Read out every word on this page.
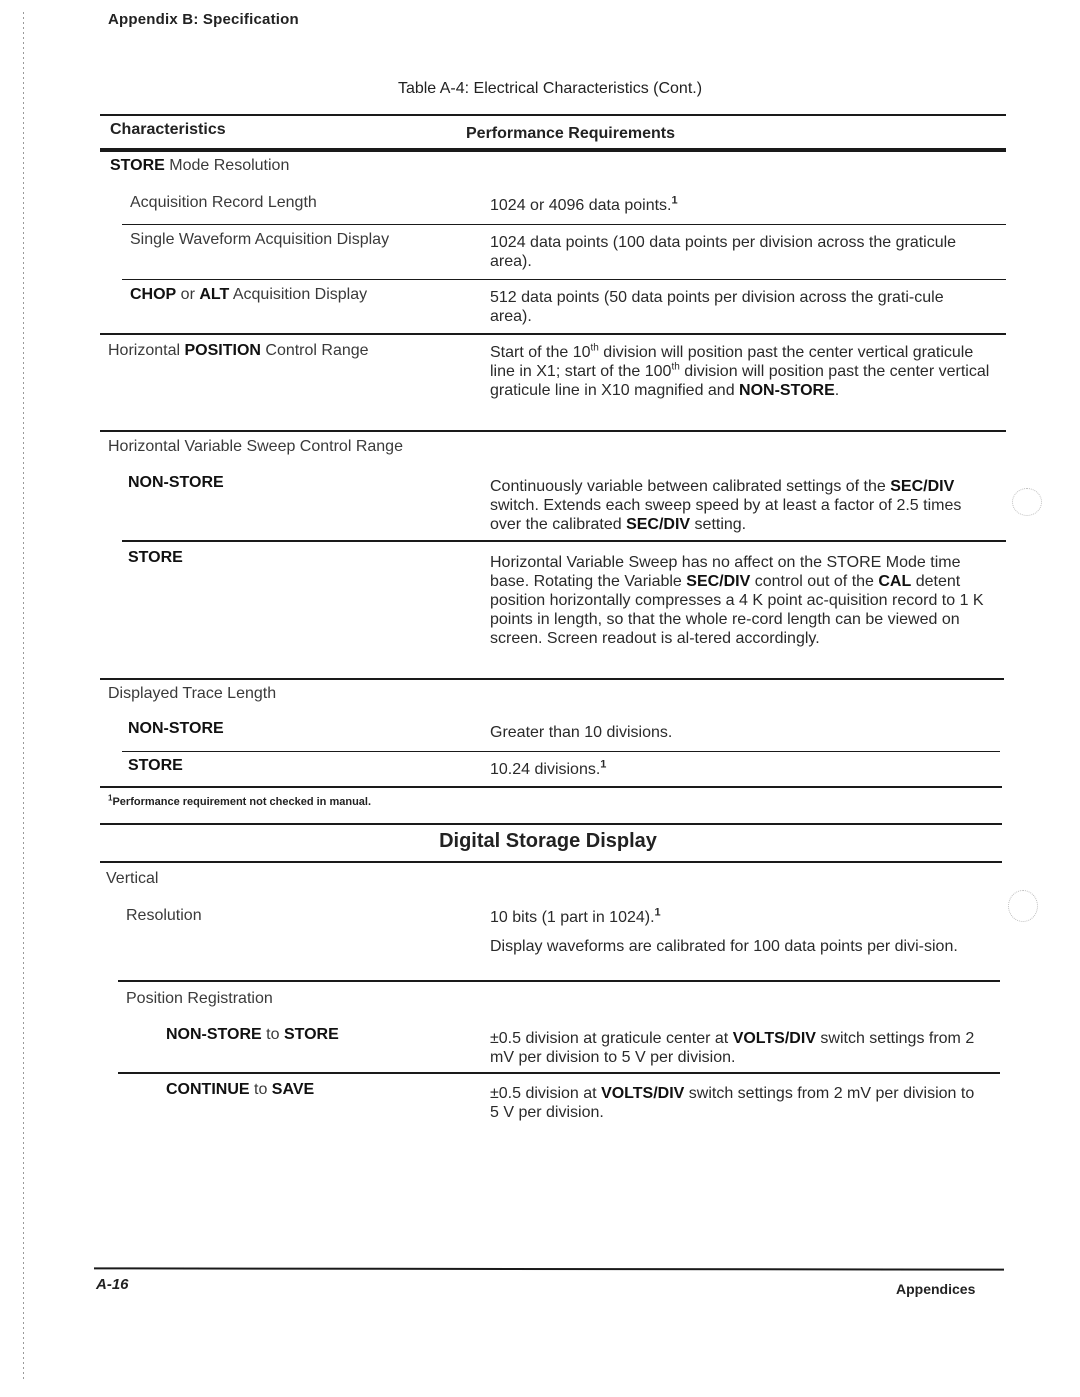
Appendix B: Specification
Table A-4: Electrical Characteristics (Cont.)
Characteristics	Performance Requirements
STORE Mode Resolution
Acquisition Record Length	1024 or 4096 data points.$^1$
Single Waveform Acquisition Display	1024 data points (100 data points per division across the graticule area).
CHOP or ALT Acquisition Display	512 data points (50 data points per division across the grati-cule area).
Horizontal POSITION Control Range	Start of the 10th division will position past the center vertical graticule line in X1; start of the 100th division will position past the center vertical graticule line in X10 magnified and NON-STORE.
Horizontal Variable Sweep Control Range
NON-STORE	Continuously variable between calibrated settings of the SEC/DIV switch. Extends each sweep speed by at least a factor of 2.5 times over the calibrated SEC/DIV setting.
STORE	Horizontal Variable Sweep has no affect on the STORE Mode time base. Rotating the Variable SEC/DIV control out of the CAL detent position horizontally compresses a 4 K point ac-quisition record to 1 K points in length, so that the whole re-cord length can be viewed on screen. Screen readout is al-tered accordingly.
Displayed Trace Length
NON-STORE	Greater than 10 divisions.
STORE	10.24 divisions.$^1$
$^1$Performance requirement not checked in manual.
Digital Storage Display
Vertical
Resolution	10 bits (1 part in 1024).$^1$
Display waveforms are calibrated for 100 data points per divi-sion.
Position Registration
NON-STORE to STORE	±0.5 division at graticule center at VOLTS/DIV switch settings from 2 mV per division to 5 V per division.
CONTINUE to SAVE	±0.5 division at VOLTS/DIV switch settings from 2 mV per division to 5 V per division.
A-16	Appendices
